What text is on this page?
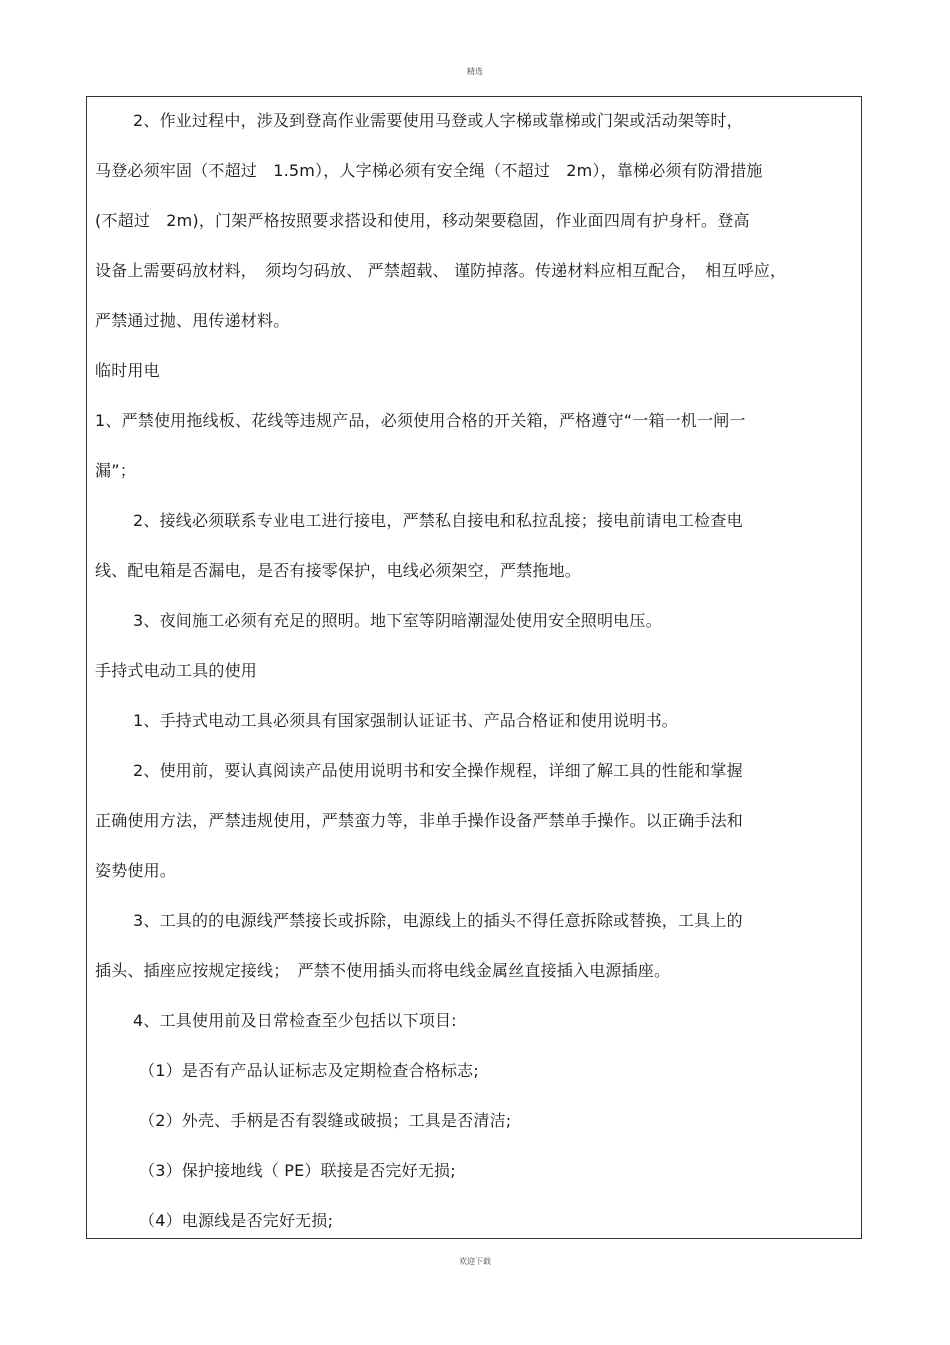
精选
2、作业过程中，涉及到登高作业需要使用马登或人字梯或靠梯或门架或活动架等时，
马登必须牢固（不超过　1.5m），人字梯必须有安全绳（不超过　2m），靠梯必须有防滑措施
(不超过　2m)，门架严格按照要求搭设和使用，移动架要稳固，作业面四周有护身杆。登高
设备上需要码放材料，　须均匀码放、 严禁超载、 谨防掉落。传递材料应相互配合，　相互呼应，
严禁通过抛、甩传递材料。
临时用电
1、严禁使用拖线板、花线等违规产品，必须使用合格的开关箱，严格遵守“一箱一机一闸一
漏”；
2、接线必须联系专业电工进行接电，严禁私自接电和私拉乱接；接电前请电工检查电
线、配电箱是否漏电，是否有接零保护，电线必须架空，严禁拖地。
3、夜间施工必须有充足的照明。地下室等阴暗潮湿处使用安全照明电压。
手持式电动工具的使用
1、手持式电动工具必须具有国家强制认证证书、产品合格证和使用说明书。
2、使用前，要认真阅读产品使用说明书和安全操作规程，详细了解工具的性能和掌握
正确使用方法，严禁违规使用，严禁蛮力等，非单手操作设备严禁单手操作。以正确手法和
姿势使用。
3、工具的的电源线严禁接长或拆除，电源线上的插头不得任意拆除或替换，工具上的
插头、插座应按规定接线；　严禁不使用插头而将电线金属丝直接插入电源插座。
4、工具使用前及日常检查至少包括以下项目:
（1）是否有产品认证标志及定期检查合格标志;
（2）外壳、手柄是否有裂缝或破损；工具是否清洁;
（3）保护接地线（ PE）联接是否完好无损;
（4）电源线是否完好无损;
欢迎下载
